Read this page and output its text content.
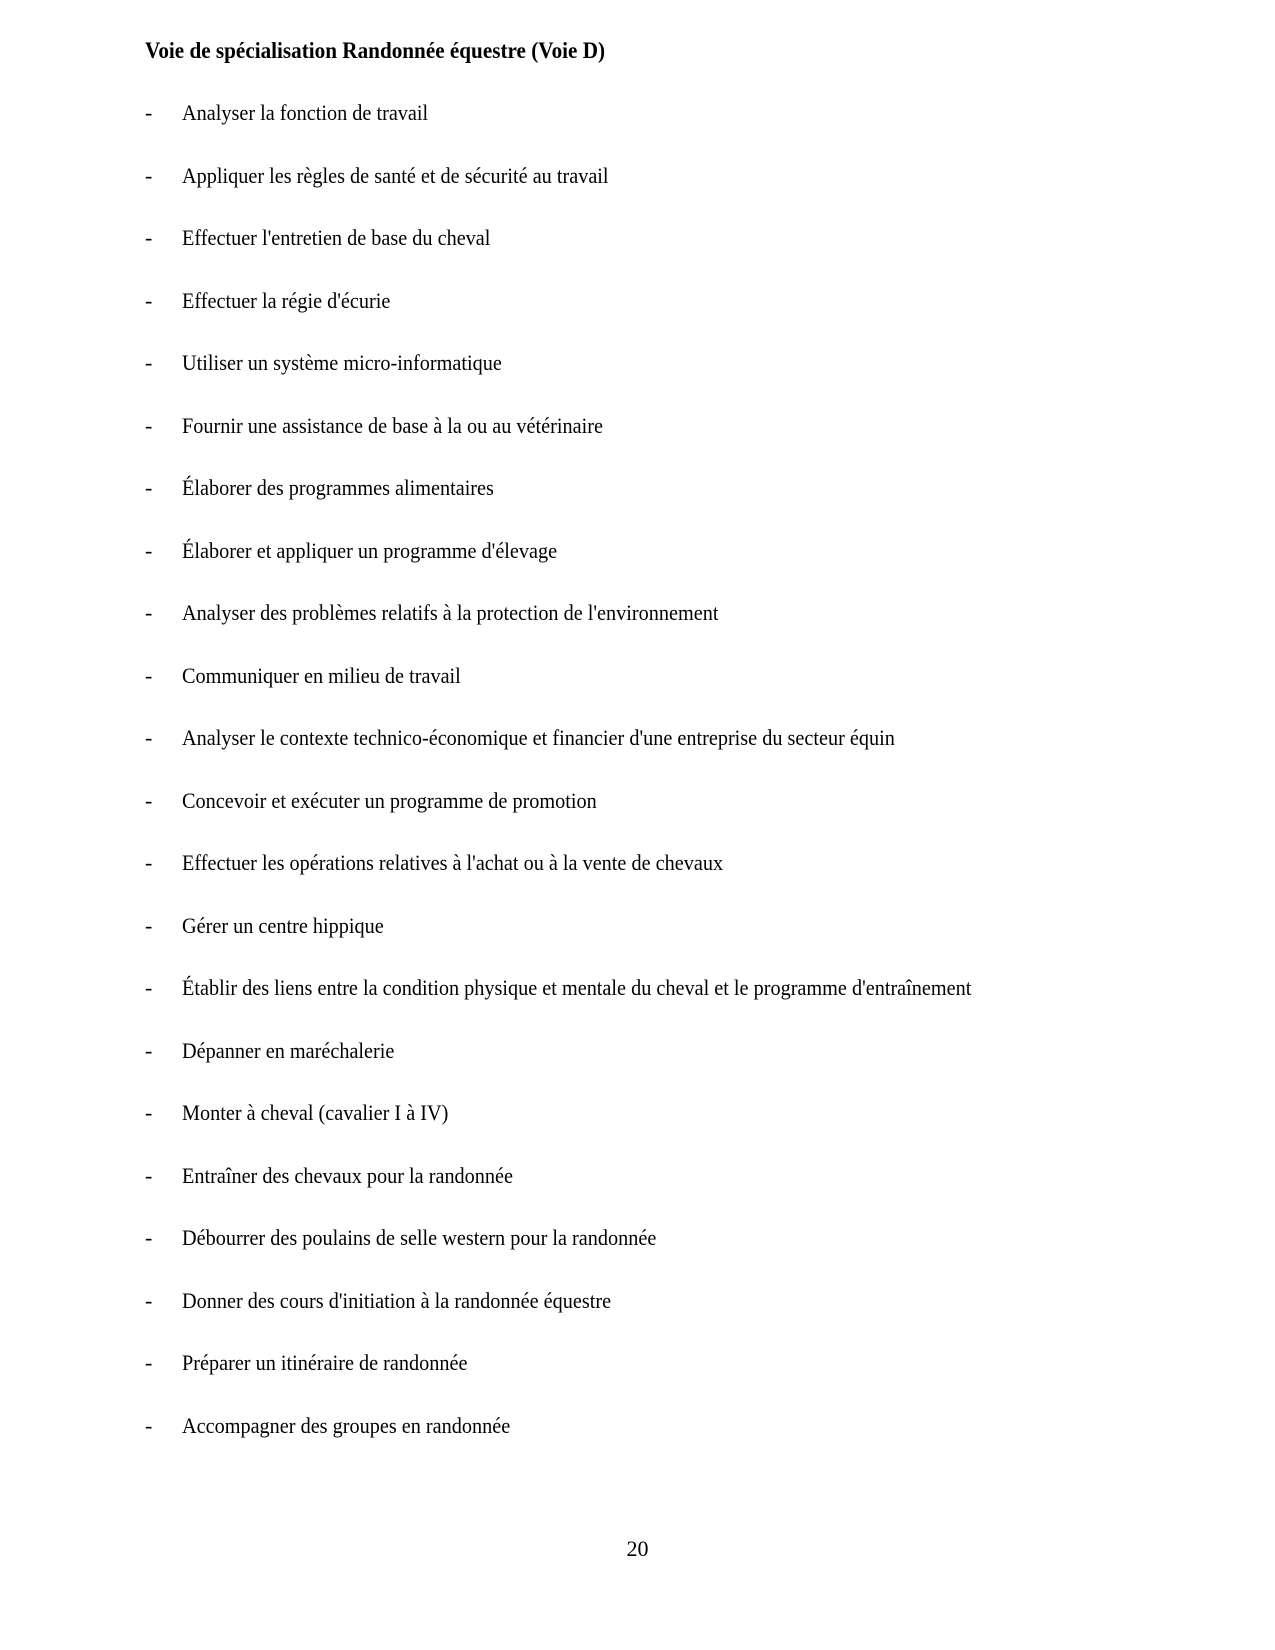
Voie de spécialisation Randonnée équestre (Voie D)
-	Analyser la fonction de travail
-	Appliquer les règles de santé et de sécurité au travail
-	Effectuer l'entretien de base du cheval
-	Effectuer la régie d'écurie
-	Utiliser un système micro-informatique
-	Fournir une assistance de base à la ou au vétérinaire
-	Élaborer des programmes alimentaires
-	Élaborer et appliquer un programme d'élevage
-	Analyser des problèmes relatifs à la protection de l'environnement
-	Communiquer en milieu de travail
-	Analyser le contexte technico-économique et financier d'une entreprise du secteur équin
-	Concevoir et exécuter un programme de promotion
-	Effectuer les opérations relatives à l'achat ou à la vente de chevaux
-	Gérer un centre hippique
-	Établir des liens entre la condition physique et mentale du cheval et le programme d'entraînement
-	Dépanner en maréchalerie
-	Monter à cheval (cavalier I à IV)
-	Entraîner des chevaux pour la randonnée
-	Débourrer des poulains de selle western pour la randonnée
-	Donner des cours d'initiation à la randonnée équestre
-	Préparer un itinéraire de randonnée
-	Accompagner des groupes en randonnée
20
